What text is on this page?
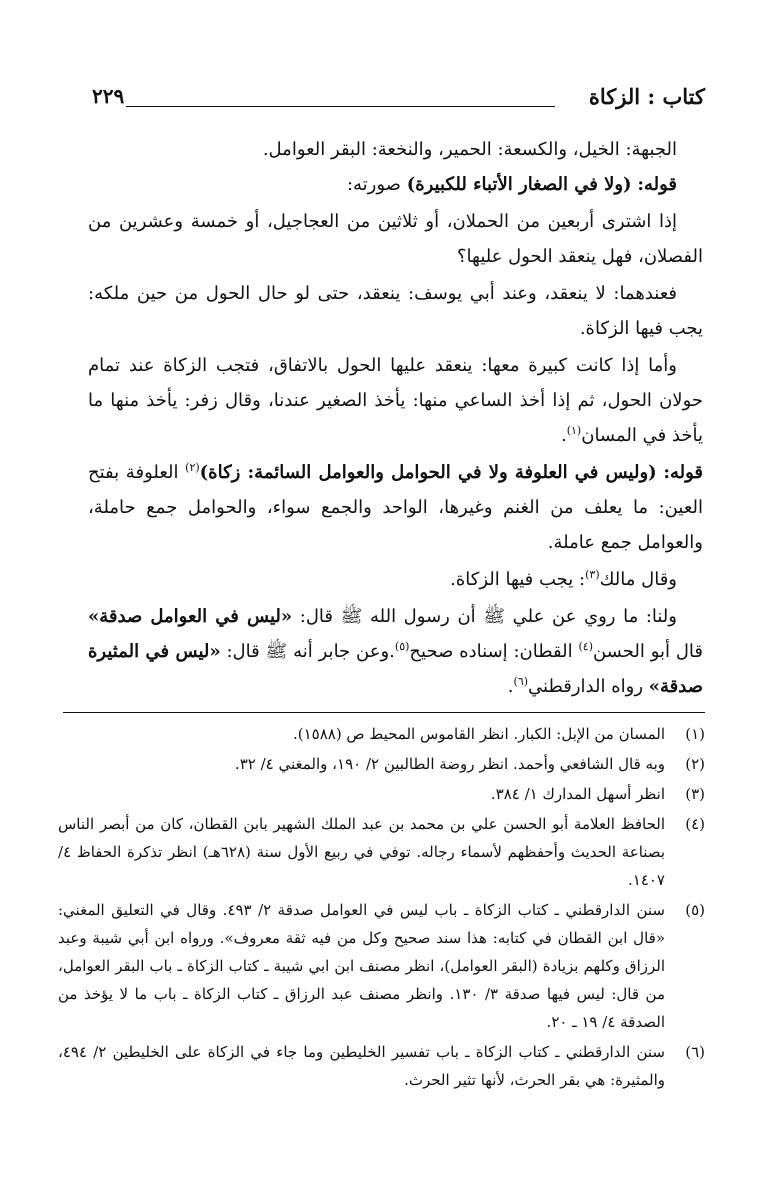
كتاب : الزكاة
٢٢٩

الجبهة: الخيل، والكسعة: الحمير، والنخعة: البقر العوامل.

قوله: (ولا في الصغار الأتباء للكبيرة) صورته:

إذا اشترى أربعين من الحملان، أو ثلاثين من العجاجيل، أو خمسة وعشرين من الفصلان، فهل ينعقد الحول عليها؟

فعندهما: لا ينعقد، وعند أبي يوسف: ينعقد، حتى لو حال الحول من حين ملكه: يجب فيها الزكاة.

وأما إذا كانت كبيرة معها: ينعقد عليها الحول بالاتفاق، فتجب الزكاة عند تمام حولان الحول، ثم إذا أخذ الساعي منها: يأخذ الصغير عندنا، وقال زفر: يأخذ منها ما يأخذ في المسان$^{(١)}$.

قوله: (وليس في العلوفة ولا في الحوامل والعوامل السائمة: زكاة)$^{(٢)}$ العلوفة بفتح العين: ما يعلف من الغنم وغيرها، الواحد والجمع سواء، والحوامل جمع حاملة، والعوامل جمع عاملة.

وقال مالك$^{(٣)}$: يجب فيها الزكاة.

ولنا: ما روي عن علي ﷺ أن رسول الله ﷺ قال: «ليس في العوامل صدقة» قال أبو الحسن$^{(٤)}$ القطان: إسناده صحيح$^{(٥)}$.وعن جابر أنه ﷺ قال: «ليس في المثيرة صدقة» رواه الدارقطني$^{(٦)}$.

(١)
المسان من الإبل: الكبار. انظر القاموس المحيط ص (١٥٨٨).
(٢)
وبه قال الشافعي وأحمد. انظر روضة الطالبين ٢/ ١٩٠، والمغني ٤/ ٣٢.
(٣)
انظر أسهل المدارك ١/ ٣٨٤.
(٤)
الحافظ العلامة أبو الحسن علي بن محمد بن عبد الملك الشهير بابن القطان، كان من أبصر الناس بصناعة الحديث وأحفظهم لأسماء رجاله. توفي في ربيع الأول سنة (٦٢٨هـ) انظر تذكرة الحفاظ ٤/ ١٤٠٧.
(٥)
سنن الدارقطني ـ كتاب الزكاة ـ باب ليس في العوامل صدقة ٢/ ٤٩٣. وقال في التعليق المغني: «قال ابن القطان في كتابه: هذا سند صحيح وكل من فيه ثقة معروف». ورواه ابن أبي شيبة وعبد الرزاق وكلهم بزيادة (البقر العوامل)، انظر مصنف ابن ابي شيبة ـ كتاب الزكاة ـ باب البقر العوامل، من قال: ليس فيها صدقة ٣/ ١٣٠. وانظر مصنف عبد الرزاق ـ كتاب الزكاة ـ باب ما لا يؤخذ من الصدقة ٤/ ١٩ ـ ٢٠.
(٦)
سنن الدارقطني ـ كتاب الزكاة ـ باب تفسير الخليطين وما جاء في الزكاة على الخليطين ٢/ ٤٩٤، والمثيرة: هي بقر الحرث، لأنها تثير الحرث.
